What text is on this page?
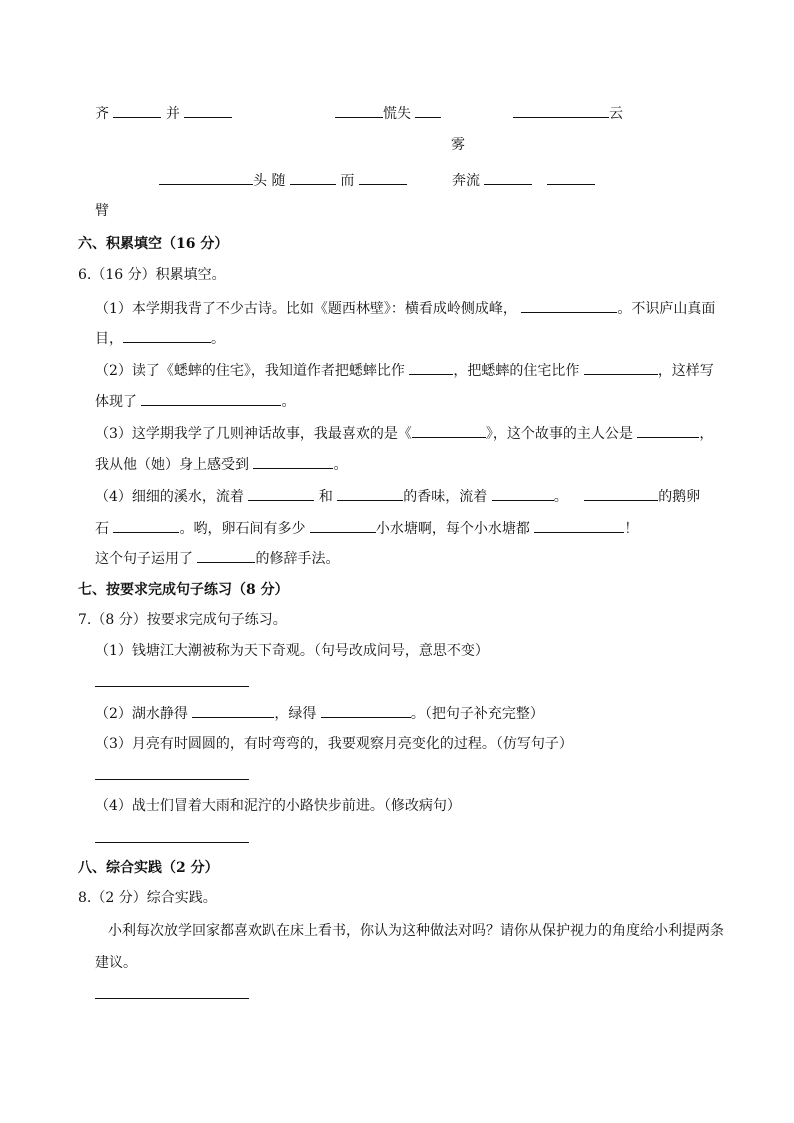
齐	并	慌失	云
雾
头 随	而	奔流
臂
六、积累填空（16 分）
6.（16 分）积累填空。
（1）本学期我背了不少古诗。比如《题西林壁》：横看成岭侧成峰，	。不识庐山真面
目，	。
（2）读了《蟋蟀的住宅》，我知道作者把蟋蟀比作	，把蟋蟀的住宅比作	，这样写
体现了	。
（3）这学期我学了几则神话故事，我最喜欢的是《	》，这个故事的主人公是	，
我从他（她）身上感受到	。
（4）细细的溪水，流着	和	的香味，流着	。	的鹅卵
石	。哟，卵石间有多少	小水塘啊，每个小水塘都	！
这个句子运用了	的修辞手法。
七、按要求完成句子练习（8 分）
7.（8 分）按要求完成句子练习。
（1）钱塘江大潮被称为天下奇观。（句号改成问号，意思不变）
（2）湖水静得	，绿得	。（把句子补充完整）
（3）月亮有时圆圆的，有时弯弯的，我要观察月亮变化的过程。（仿写句子）
（4）战士们冒着大雨和泥泞的小路快步前进。（修改病句）
八、综合实践（2 分）
8.（2 分）综合实践。
小利每次放学回家都喜欢趴在床上看书，你认为这种做法对吗？请你从保护视力的角度给小利提两条
建议。
